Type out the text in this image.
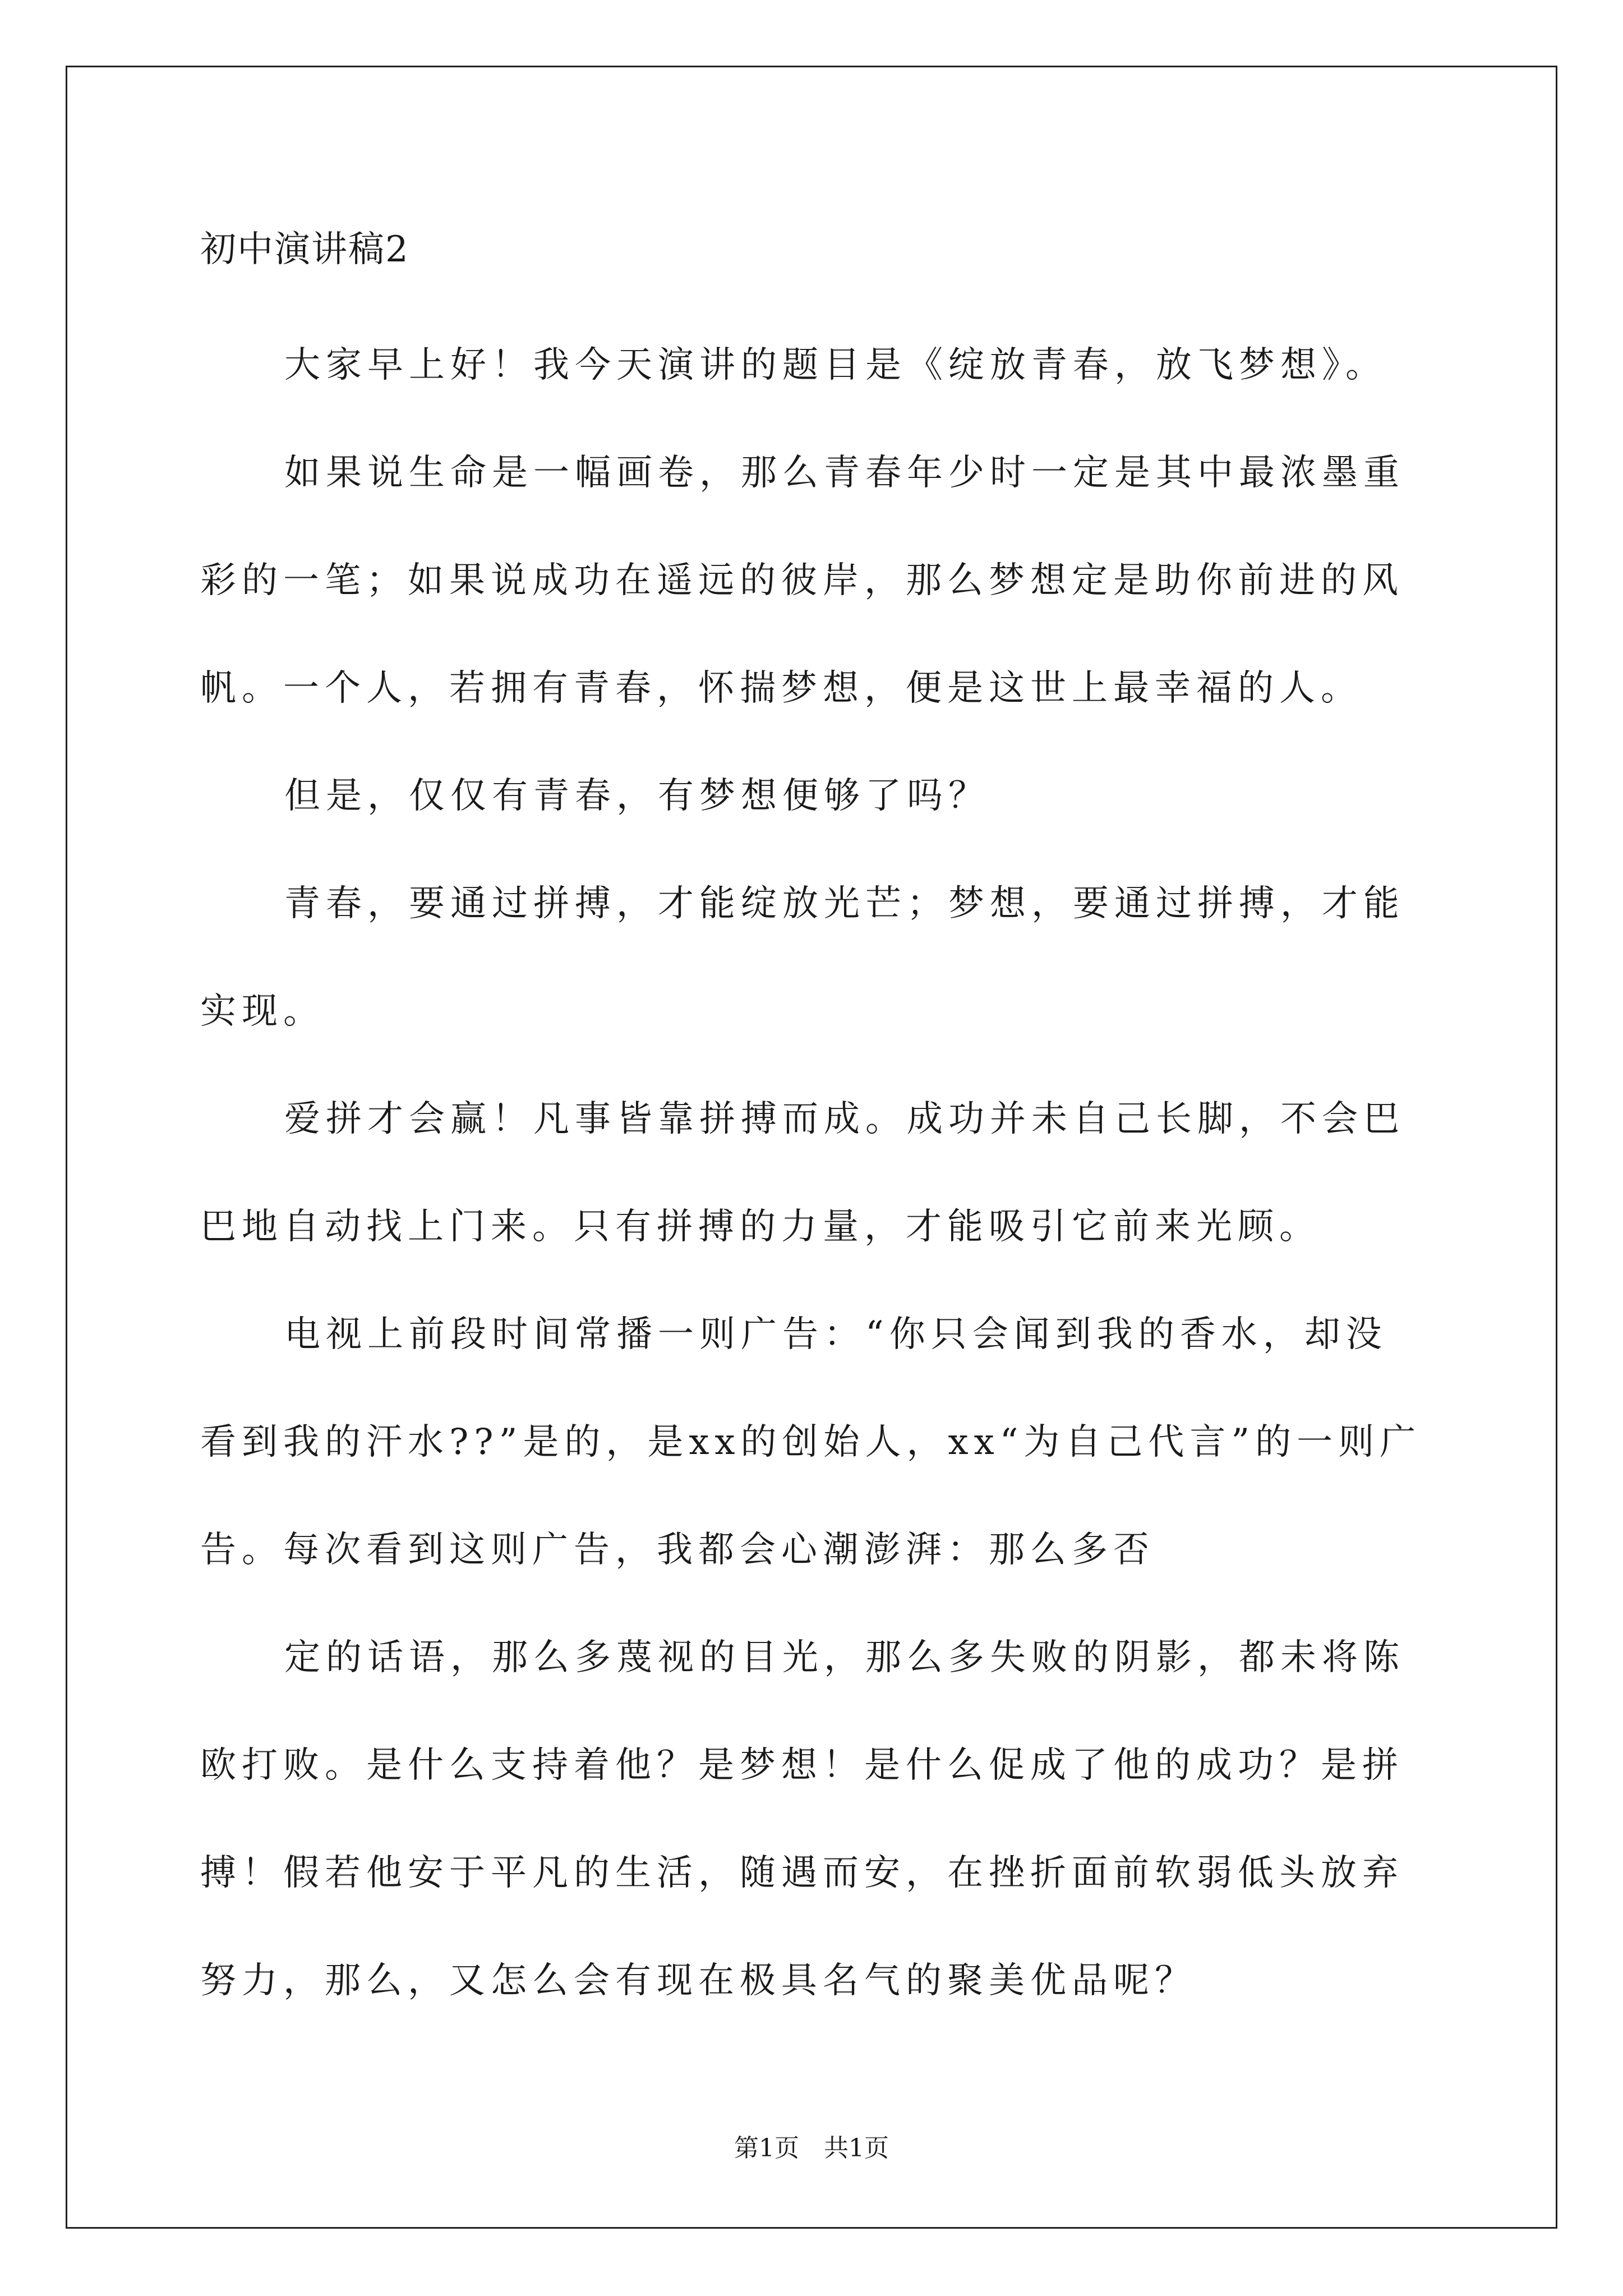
初中演讲稿2

大家早上好！我今天演讲的题目是《绽放青春，放飞梦想》。

如果说生命是一幅画卷，那么青春年少时一定是其中最浓墨重彩的一笔；如果说成功在遥远的彼岸，那么梦想定是助你前进的风帆。一个人，若拥有青春，怀揣梦想，便是这世上最幸福的人。

但是，仅仅有青春，有梦想便够了吗？

青春，要通过拼搏，才能绽放光芒；梦想，要通过拼搏，才能实现。

爱拼才会赢！凡事皆靠拼搏而成。成功并未自己长脚，不会巴巴地自动找上门来。只有拼搏的力量，才能吸引它前来光顾。

电视上前段时间常播一则广告：“你只会闻到我的香水，却没看到我的汗水??”是的，是xx的创始人，xx“为自己代言”的一则广告。每次看到这则广告，我都会心潮澎湃：那么多否

定的话语，那么多蔑视的目光，那么多失败的阴影，都未将陈欧打败。是什么支持着他？是梦想！是什么促成了他的成功？是拼搏！假若他安于平凡的生活，随遇而安，在挫折面前软弱低头放弃努力，那么，又怎么会有现在极具名气的聚美优品呢？

第1页　共1页
